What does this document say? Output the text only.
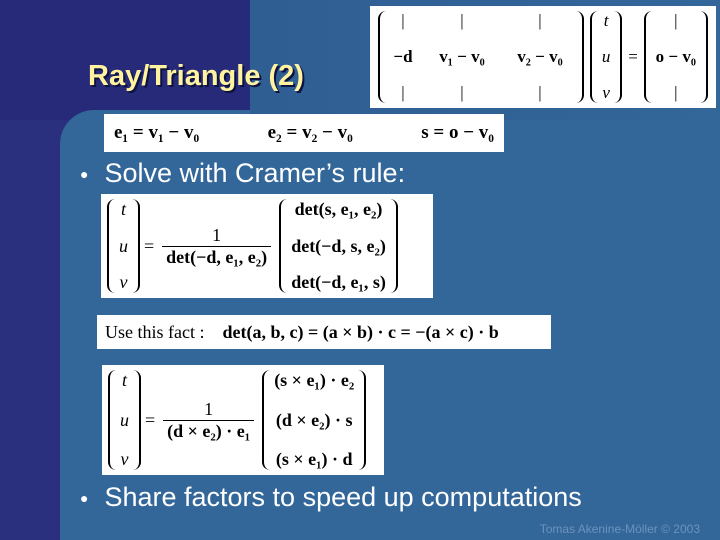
Ray/Triangle (2)
|
−d
|
|
v₁ − v₀
|
|
v₂ − v₀
|
t
u
v
=
|
o − v₀
|
e₁ = v₁ − v₀	e₂ = v₂ − v₀	s = o − v₀
● Solve with Cramer’s rule:
t
u
v
= $\frac{1}{\text{det(−d, e₁, e₂)}}$
det(s, e₁, e₂)
det(−d, s, e₂)
det(−d, e₁, s)
Use this fact : det(a, b, c) = (a × b) · c = −(a × c) · b
t
u
v
= $\frac{1}{\text{(d × e₂) · e₁}}$
(s × e₁) · e₂
(d × e₂) · s
(s × e₁) · d
● Share factors to speed up computations
Tomas Akenine-Möller © 2003
